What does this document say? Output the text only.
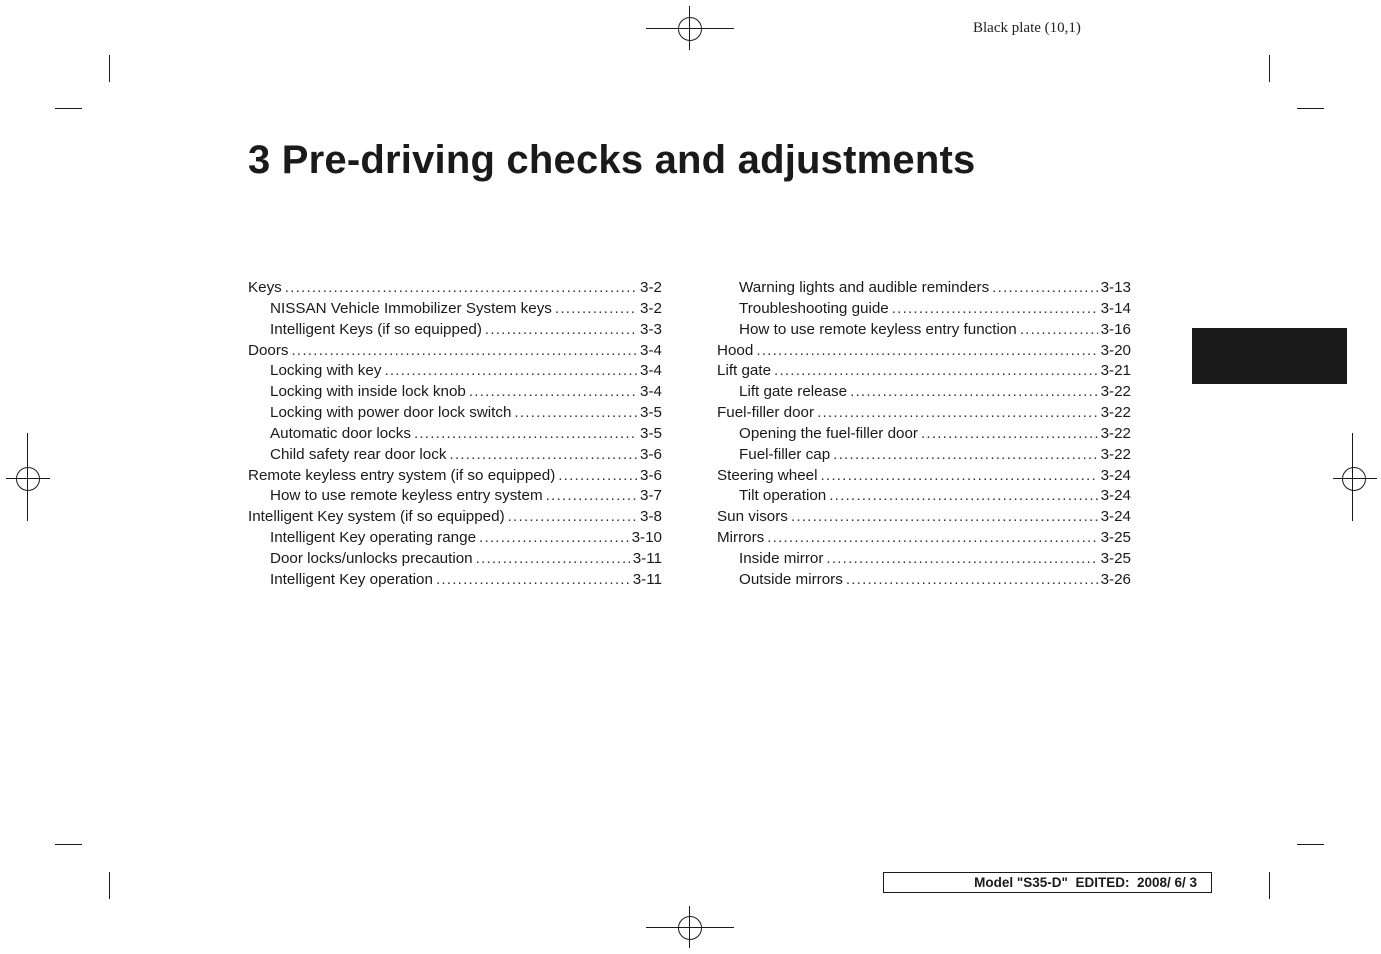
Black plate (10,1)
3 Pre-driving checks and adjustments
Keys .....	3-2
NISSAN Vehicle Immobilizer System keys .....	3-2
Intelligent Keys (if so equipped) .....	3-3
Doors .....	3-4
Locking with key .....	3-4
Locking with inside lock knob .....	3-4
Locking with power door lock switch .....	3-5
Automatic door locks .....	3-5
Child safety rear door lock .....	3-6
Remote keyless entry system (if so equipped) .....	3-6
How to use remote keyless entry system .....	3-7
Intelligent Key system (if so equipped) .....	3-8
Intelligent Key operating range .....	3-10
Door locks/unlocks precaution .....	3-11
Intelligent Key operation .....	3-11
Warning lights and audible reminders .....	3-13
Troubleshooting guide .....	3-14
How to use remote keyless entry function .....	3-16
Hood .....	3-20
Lift gate .....	3-21
Lift gate release .....	3-22
Fuel-filler door .....	3-22
Opening the fuel-filler door .....	3-22
Fuel-filler cap .....	3-22
Steering wheel .....	3-24
Tilt operation .....	3-24
Sun visors .....	3-24
Mirrors .....	3-25
Inside mirror .....	3-25
Outside mirrors .....	3-26
Model "S35-D"  EDITED:  2008/ 6/ 3
